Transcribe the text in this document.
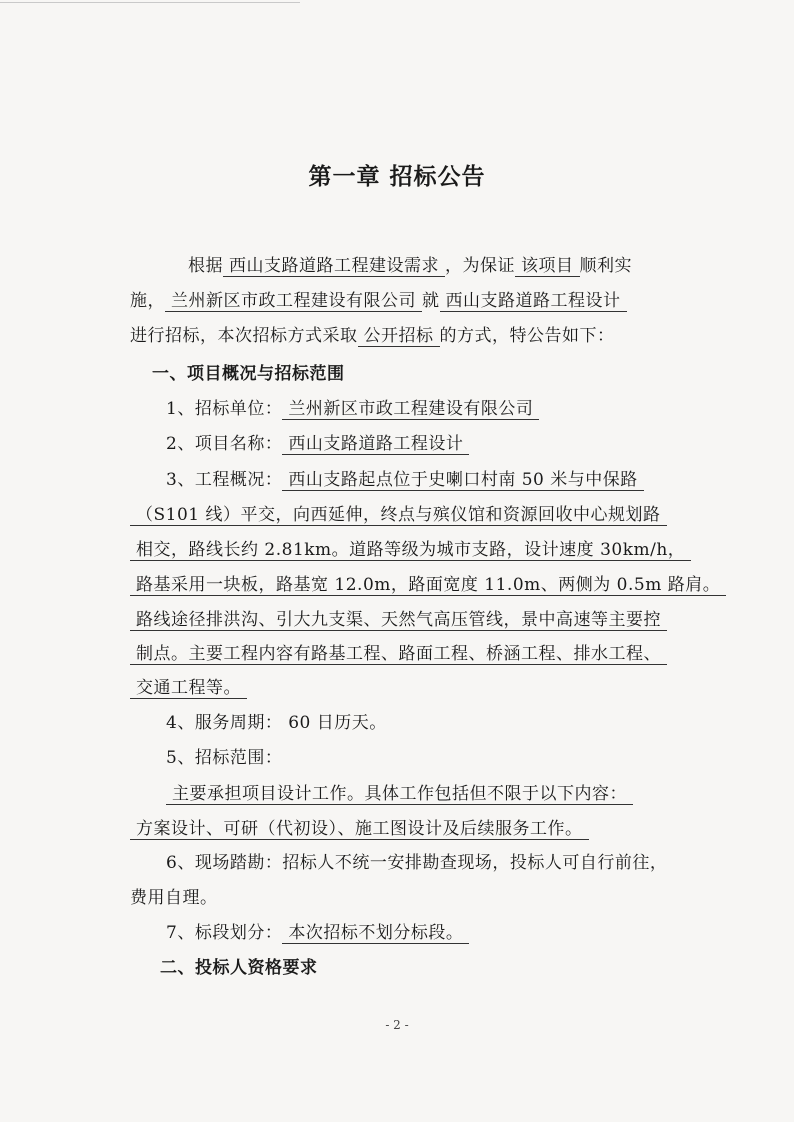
第一章 招标公告
根据 西山支路道路工程建设需求 ，为保证 该项目 顺利实
施， 兰州新区市政工程建设有限公司 就 西山支路道路工程设计
进行招标，本次招标方式采取 公开招标 的方式，特公告如下：
一、项目概况与招标范围
1、招标单位： 兰州新区市政工程建设有限公司
2、项目名称： 西山支路道路工程设计
3、工程概况： 西山支路起点位于史喇口村南 50 米与中保路
（S101 线）平交，向西延伸，终点与殡仪馆和资源回收中心规划路
相交，路线长约 2.81km。道路等级为城市支路，设计速度 30km/h，
路基采用一块板，路基宽 12.0m，路面宽度 11.0m、两侧为 0.5m 路肩。
路线途径排洪沟、引大九支渠、天然气高压管线，景中高速等主要控
制点。主要工程内容有路基工程、路面工程、桥涵工程、排水工程、
交通工程等。
4、服务周期： 60 日历天。
5、招标范围：
主要承担项目设计工作。具体工作包括但不限于以下内容：
方案设计、可研（代初设）、施工图设计及后续服务工作。
6、现场踏勘：招标人不统一安排勘查现场，投标人可自行前往，
费用自理。
7、标段划分： 本次招标不划分标段。
二、投标人资格要求
- 2 -
